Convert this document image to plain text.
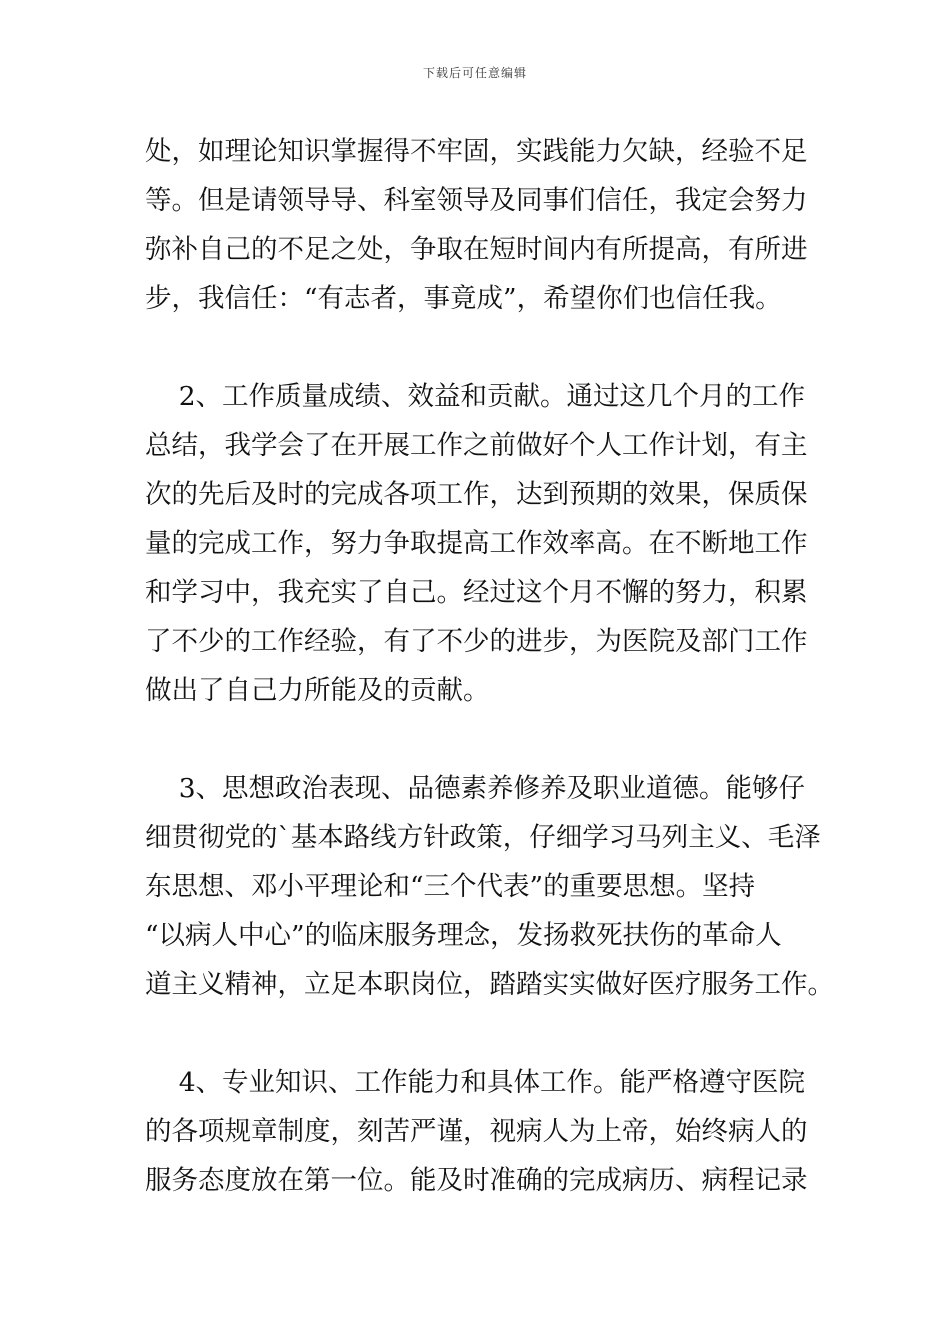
下载后可任意编辑
处，如理论知识掌握得不牢固，实践能力欠缺，经验不足
等。但是请领导导、科室领导及同事们信任，我定会努力
弥补自己的不足之处，争取在短时间内有所提高，有所进
步，我信任：“有志者，事竟成”，希望你们也信任我。
2、工作质量成绩、效益和贡献。通过这几个月的工作
总结，我学会了在开展工作之前做好个人工作计划，有主
次的先后及时的完成各项工作，达到预期的效果，保质保
量的完成工作，努力争取提高工作效率高。在不断地工作
和学习中，我充实了自己。经过这个月不懈的努力，积累
了不少的工作经验，有了不少的进步，为医院及部门工作
做出了自己力所能及的贡献。
3、思想政治表现、品德素养修养及职业道德。能够仔
细贯彻党的`基本路线方针政策，仔细学习马列主义、毛泽
东思想、邓小平理论和“三个代表”的重要思想。坚持
“以病人中心”的临床服务理念，发扬救死扶伤的革命人
道主义精神，立足本职岗位，踏踏实实做好医疗服务工作。
4、专业知识、工作能力和具体工作。能严格遵守医院
的各项规章制度，刻苦严谨，视病人为上帝，始终病人的
服务态度放在第一位。能及时准确的完成病历、病程记录
